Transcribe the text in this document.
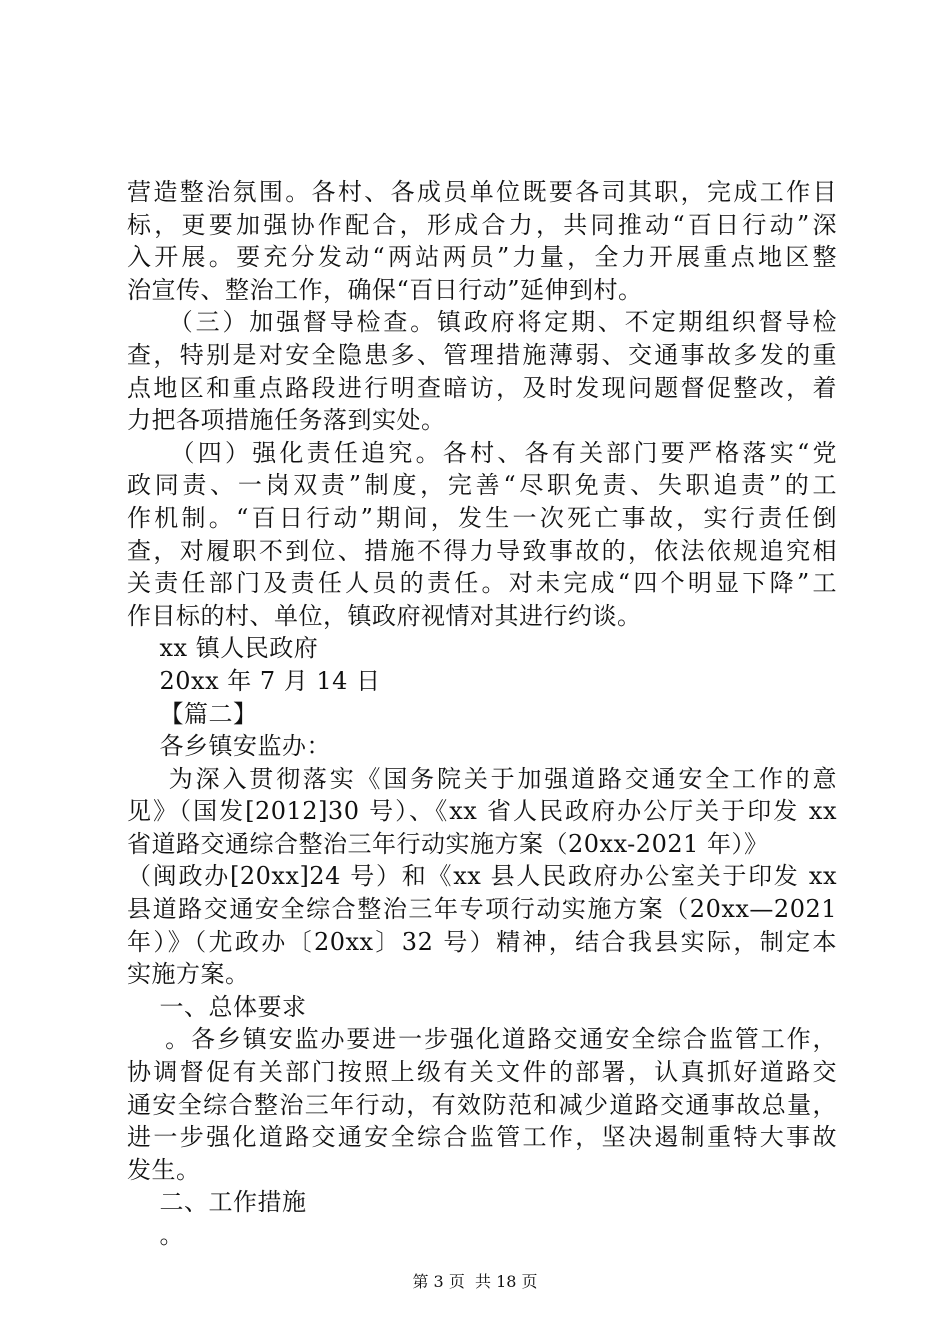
营造整治氛围。各村、各成员单位既要各司其职，完成工作目
标，更要加强协作配合，形成合力，共同推动“百日行动”深
入开展。要充分发动“两站两员”力量，全力开展重点地区整
治宣传、整治工作，确保“百日行动”延伸到村。
（三）加强督导检查。镇政府将定期、不定期组织督导检
查，特别是对安全隐患多、管理措施薄弱、交通事故多发的重
点地区和重点路段进行明查暗访，及时发现问题督促整改，着
力把各项措施任务落到实处。
（四）强化责任追究。各村、各有关部门要严格落实“党
政同责、一岗双责”制度，完善“尽职免责、失职追责”的工
作机制。“百日行动”期间，发生一次死亡事故，实行责任倒
查，对履职不到位、措施不得力导致事故的，依法依规追究相
关责任部门及责任人员的责任。对未完成“四个明显下降”工
作目标的村、单位，镇政府视情对其进行约谈。
xx 镇人民政府
20xx 年 7 月 14 日
【篇二】
各乡镇安监办：
为深入贯彻落实《国务院关于加强道路交通安全工作的意
见》（国发[2012]30 号）、《xx 省人民政府办公厅关于印发 xx
省道路交通综合整治三年行动实施方案（20xx-2021 年）》
（闽政办[20xx]24 号）和《xx 县人民政府办公室关于印发 xx
县道路交通安全综合整治三年专项行动实施方案（20xx—2021
年）》（尤政办〔20xx〕32 号）精神，结合我县实际，制定本
实施方案。
一、总体要求
。各乡镇安监办要进一步强化道路交通安全综合监管工作，
协调督促有关部门按照上级有关文件的部署，认真抓好道路交
通安全综合整治三年行动，有效防范和减少道路交通事故总量，
进一步强化道路交通安全综合监管工作，坚决遏制重特大事故
发生。
二、工作措施
。
第 3 页  共 18 页
